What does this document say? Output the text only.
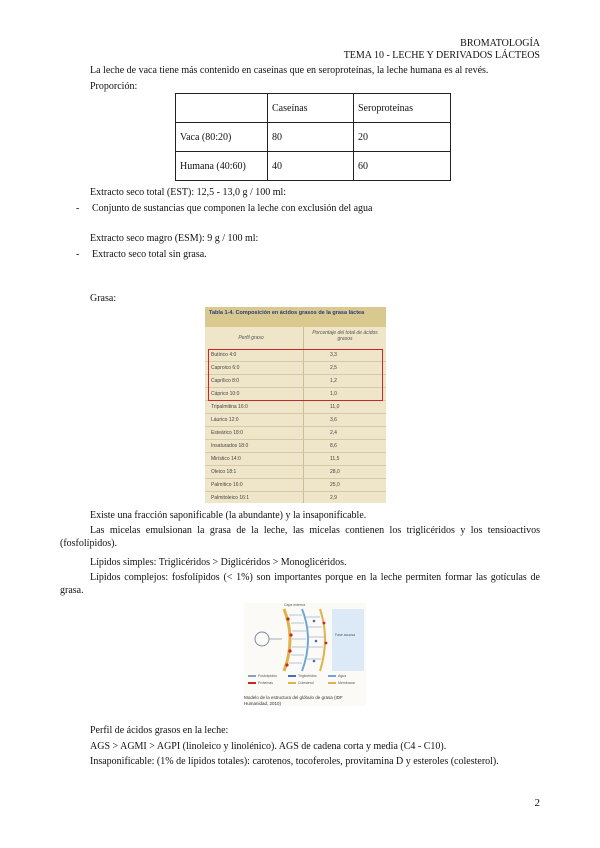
BROMATOLOGÍA
TEMA 10 - LECHE Y DERIVADOS LÁCTEOS
La leche de vaca tiene más contenido en caseínas que en seroproteínas, la leche humana es al revés.
Proporción:
	Caseínas	Seroproteínas
Vaca (80:20)	80	20
Humana (40:60)	40	60
Extracto seco total (EST): 12,5 - 13,0 g / 100 ml:
- Conjunto de sustancias que componen la leche con exclusión del agua
Extracto seco magro (ESM): 9 g / 100 ml:
- Extracto seco total sin grasa.
Grasa:
Tabla 1-4. Composición en ácidos grasos de la grasa láctea
Perfil graso
Porcentaje del total de ácidos grasos
Butírico 4:0	3,3
Caproico 6:0	2,5
Caprílico 8:0	1,2
Cáprico 10:0	1,0
Tripalmitina 16:0	11,0
Láurico 12:0	3,6
Esteárico 18:0	2,4
Insaturados 18:0	8,6
Mirístico 14:0	11,5
Oleico 18:1	28,0
Palmítico 16:0	25,0
Palmitoleico 16:1	2,9
Existe una fracción saponificable (la abundante) y la insaponificable.
Las micelas emulsionan la grasa de la leche, las micelas contienen los triglicéridos y los tensioactivos (fosfolípidos).
Lípidos simples: Triglicéridos > Diglicéridos > Monoglicéridos.
Lípidos complejos: fosfolípidos (< 1%) son importantes porque en la leche permiten formar las gotículas de grasa.
Capa externa
Fase acuosa
Fosfolípidos
Proteínas
Triglicéridos
Colesterol
Agua
Membrana
Modelo de la estructura del glóbulo de grasa (IDF Humanidad, 2010)
Perfil de ácidos grasos en la leche:
AGS > AGMI > AGPI (linoleico y linolénico). AGS de cadena corta y media (C4 - C10).
Insaponificable: (1% de lípidos totales): carotenos, tocoferoles, provitamina D y esteroles (colesterol).
2
